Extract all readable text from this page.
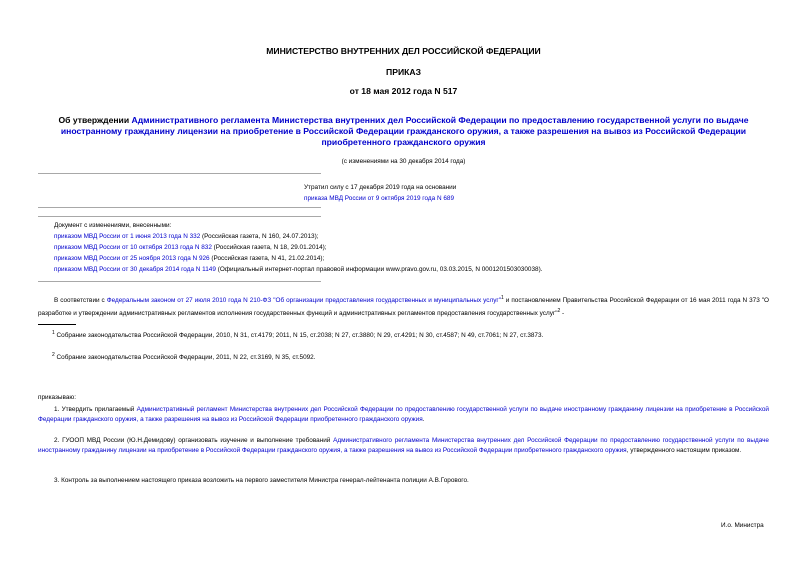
МИНИСТЕРСТВО ВНУТРЕННИХ ДЕЛ РОССИЙСКОЙ ФЕДЕРАЦИИ
ПРИКАЗ
от 18 мая 2012 года N 517
Об утверждении Административного регламента Министерства внутренних дел Российской Федерации по предоставлению государственной услуги по выдаче иностранному гражданину лицензии на приобретение в Российской Федерации гражданского оружия, а также разрешения на вывоз из Российской Федерации приобретенного гражданского оружия
(с изменениями на 30 декабря 2014 года)
Утратил силу с 17 декабря 2019 года на основании
приказа МВД России от 9 октября 2019 года N 689
Документ с изменениями, внесенными:
приказом МВД России от 1 июня 2013 года N 332 (Российская газета, N 160, 24.07.2013);
приказом МВД России от 10 октября 2013 года N 832 (Российская газета, N 18, 29.01.2014);
приказом МВД России от 25 ноября 2013 года N 926 (Российская газета, N 41, 21.02.2014);
приказом МВД России от 30 декабря 2014 года N 1149 (Официальный интернет-портал правовой информации www.pravo.gov.ru, 03.03.2015, N 0001201503030038).
В соответствии с Федеральным законом от 27 июля 2010 года N 210-ФЗ "Об организации предоставления государственных и муниципальных услуг"$^1$ и постановлением Правительства Российской Федерации от 16 мая 2011 года N 373 "О разработке и утверждении административных регламентов исполнения государственных функций и административных регламентов предоставления государственных услуг"$^2$ -
$^1$ Собрание законодательства Российской Федерации, 2010, N 31, ст.4179; 2011, N 15, ст.2038; N 27, ст.3880; N 29, ст.4291; N 30, ст.4587; N 49, ст.7061; N 27, ст.3873.
$^2$ Собрание законодательства Российской Федерации, 2011, N 22, ст.3169, N 35, ст.5092.
приказываю:
1. Утвердить прилагаемый Административный регламент Министерства внутренних дел Российской Федерации по предоставлению государственной услуги по выдаче иностранному гражданину лицензии на приобретение в Российской Федерации гражданского оружия, а также разрешения на вывоз из Российской Федерации приобретенного гражданского оружия.
2. ГУООП МВД России (Ю.Н.Демидову) организовать изучение и выполнение требований Административного регламента Министерства внутренних дел Российской Федерации по предоставлению государственной услуги по выдаче иностранному гражданину лицензии на приобретение в Российской Федерации гражданского оружия, а также разрешения на вывоз из Российской Федерации приобретенного гражданского оружия, утвержденного настоящим приказом.
3. Контроль за выполнением настоящего приказа возложить на первого заместителя Министра генерал-лейтенанта полиции А.В.Горового.
И.о. Министра
